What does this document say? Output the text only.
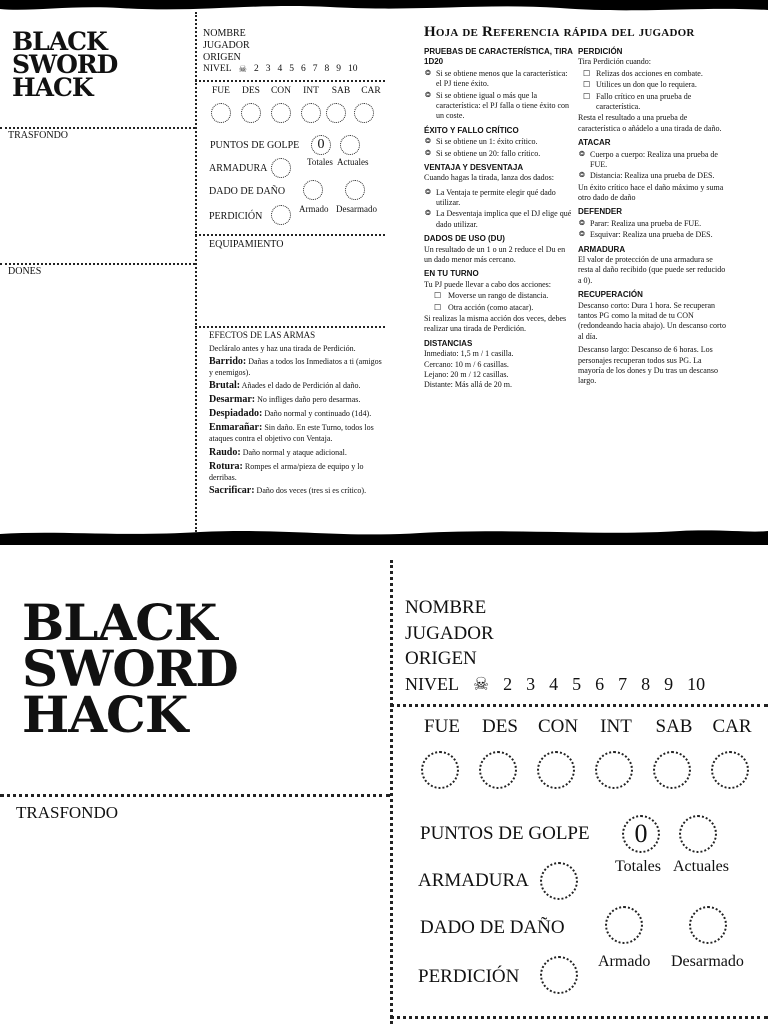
BLACK
SWORD
HACK
NOMBRE
JUGADOR
ORIGEN
NIVEL ☠ 2 3 4 5 6 7 8 9 10
FUE	DES	CON	INT	SAB	CAR
TRASFONDO
DONES
PUNTOS DE GOLPE	0
Totales Actuales
ARMADURA
DADO DE DAÑO
Armado Desarmado
PERDICIÓN
EQUIPAMIENTO
EFECTOS DE LAS ARMAS

Decláralo antes y haz una tirada de Perdición.

Barrido: Dañas a todos los Inmediatos a ti (amigos y enemigos).

Brutal: Añades el dado de Perdición al daño.

Desarmar: No infliges daño pero desarmas.

Despiadado: Daño normal y continuado (1d4).

Enmarañar: Sin daño. En este Turno, todos los ataques contra el objetivo con Ventaja.

Raudo: Daño normal y ataque adicional.

Rotura: Rompes el arma/pieza de equipo y lo derribas.

Sacrificar: Daño dos veces (tres si es crítico).

Hoja de Referencia rápida del jugador
PRUEBAS DE CARACTERÍSTICA, TIRA 1D20
❂ Si se obtiene menos que la característica: el PJ tiene éxito.
❂ Si se obtiene igual o más que la característica: el PJ falla o tiene éxito con un coste.
ÉXITO Y FALLO CRÍTICO
❂ Si se obtiene un 1: éxito crítico.
❂ Si se obtiene un 20: fallo crítico.
VENTAJA Y DESVENTAJA
Cuando hagas la tirada, lanza dos dados:
❂ La Ventaja te permite elegir qué dado utilizar.
❂ La Desventaja implica que el DJ elige qué dado utilizar.
DADOS DE USO (DU)
Un resultado de un 1 o un 2 reduce el Du en un dado menor más cercano.
EN TU TURNO
Tu PJ puede llevar a cabo dos acciones:
☐ Moverse un rango de distancia.
☐ Otra acción (como atacar).
Si realizas la misma acción dos veces, debes realizar una tirada de Perdición.
DISTANCIAS
Inmediato: 1,5 m / 1 casilla.
Cercano: 10 m / 6 casillas.
Lejano: 20 m / 12 casillas.
Distante: Más allá de 20 m.
PERDICIÓN
Tira Perdición cuando:
☐ Relizas dos acciones en combate.
☐ Utilices un don que lo requiera.
☐ Fallo crítico en una prueba de característica.
Resta el resultado a una prueba de característica o añádelo a una tirada de daño.
ATACAR
❂ Cuerpo a cuerpo: Realiza una prueba de FUE.
❂ Distancia: Realiza una prueba de DES.
Un éxito crítico hace el daño máximo y suma otro dado de daño
DEFENDER
❂ Parar: Realiza una prueba de FUE.
❂ Esquivar: Realiza una prueba de DES.
ARMADURA
El valor de protección de una armadura se resta al daño recibido (que puede ser reducido a 0).
RECUPERACIÓN
Descanso corto: Dura 1 hora. Se recuperan tantos PG como la mitad de tu CON (redondeando hacia abajo). Un descanso corto al día.
Descanso largo: Descanso de 6 horas. Los personajes recuperan todos sus PG. La mayoría de los dones y Du tras un descanso largo.
BLACK
SWORD
HACK
NOMBRE
JUGADOR
ORIGEN
NIVEL ☠ 2 3 4 5 6 7 8 9 10
FUE	DES	CON	INT	SAB	CAR
TRASFONDO
PUNTOS DE GOLPE	0
Totales Actuales
ARMADURA
DADO DE DAÑO
Armado Desarmado
PERDICIÓN
